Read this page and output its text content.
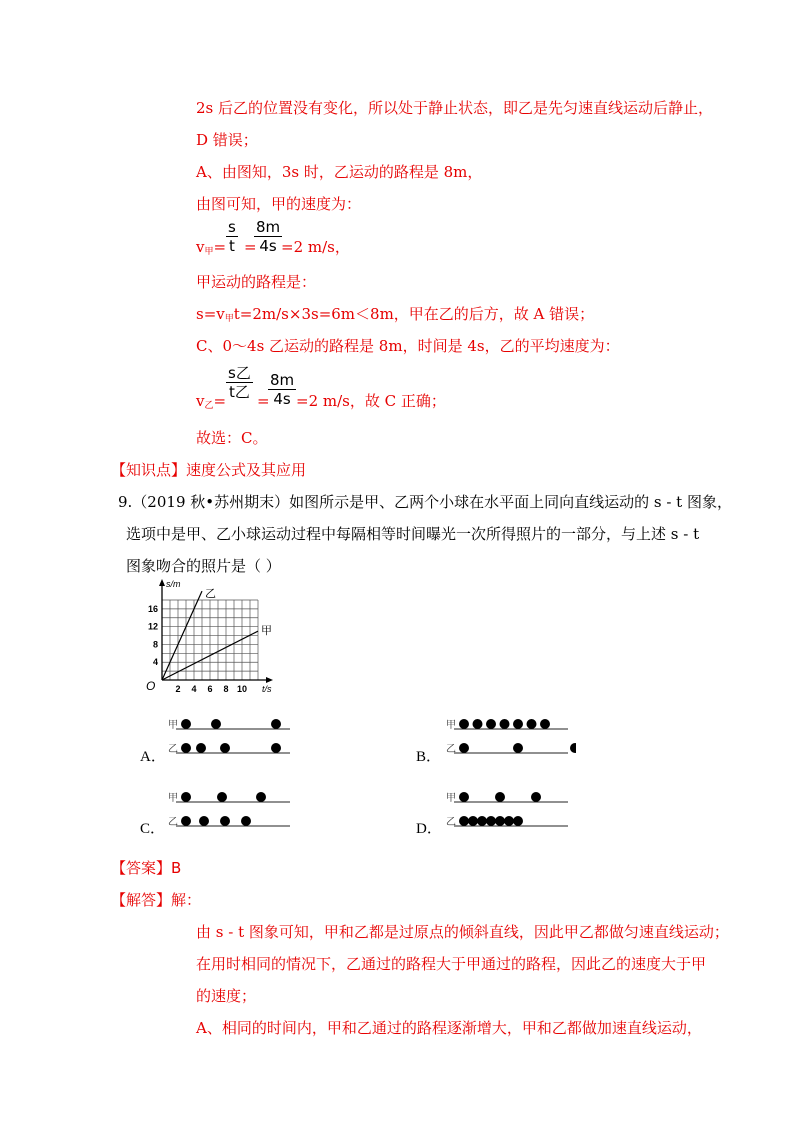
2s 后乙的位置没有变化，所以处于静止状态，即乙是先匀速直线运动后静止，
D 错误；
A、由图知，3s 时，乙运动的路程是 8m，
由图可知，甲的速度为：
$v_甲= \frac{s}{t}$ =
$\frac{8m}{4s}$
=2 m/s，
甲运动的路程是：
$s=v_甲t=2m/s\times 3s=6m<8m$，甲在乙的后方，故 A 错误；
C、0～4s 乙运动的路程是 8m，时间是 4s，乙的平均速度为：
$v_乙=$
s乙
t乙 =
$\frac{8m}{4s} =2$ m/s，故 C 正确；
故选：C。
【知识点】速度公式及其应用
9.（2019 秋•苏州期末）如图所示是甲、乙两个小球在水平面上同向直线运动的 s - t 图象，
选项中是甲、乙小球运动过程中每隔相等时间曝光一次所得照片的一部分，与上述 s - t
图象吻合的照片是（ ）
s/m
t/s
O
4
8
12
16
2 4 6 8 10
乙
甲
A．
甲
乙	B．
甲
乙
C．
甲
乙	D．
甲
乙
【答案】B
【解答】解：
由 s - t 图象可知，甲和乙都是过原点的倾斜直线，因此甲乙都做匀速直线运动；
在用时相同的情况下，乙通过的路程大于甲通过的路程，因此乙的速度大于甲
的速度；
A、相同的时间内，甲和乙通过的路程逐渐增大，甲和乙都做加速直线运动，
